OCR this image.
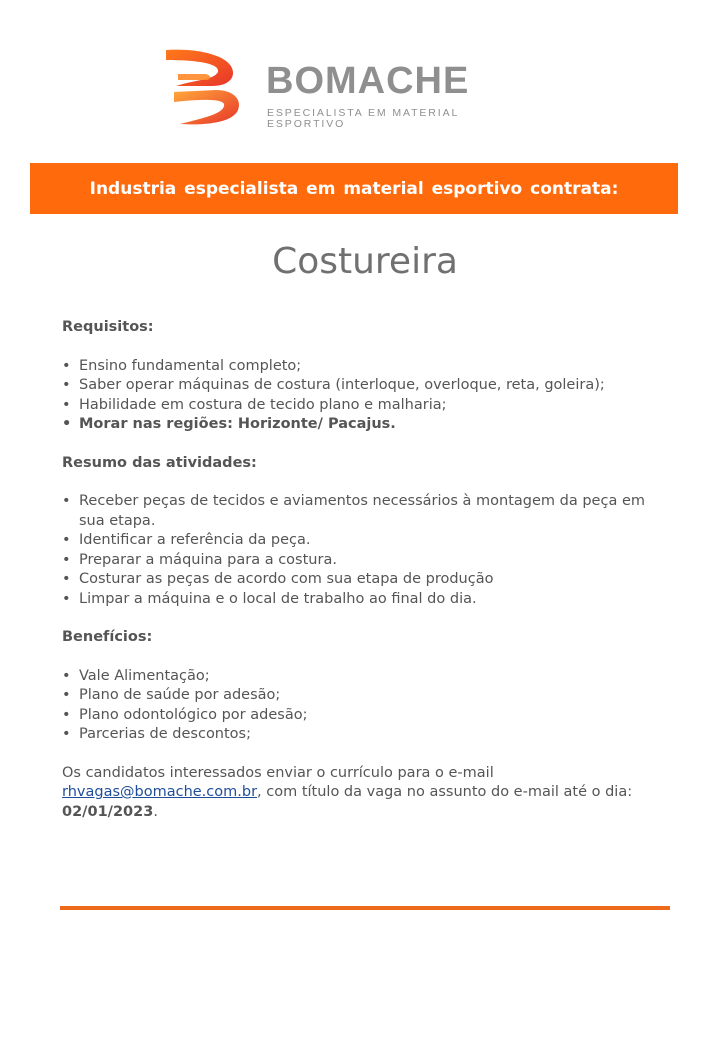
BOMACHE
ESPECIALISTA EM MATERIAL ESPORTIVO
Industria especialista em material esportivo contrata:
Costureira

Requisitos:

• Ensino fundamental completo;
• Saber operar máquinas de costura (interloque, overloque, reta, goleira);
• Habilidade em costura de tecido plano e malharia;
• Morar nas regiões: Horizonte/ Pacajus.

Resumo das atividades:

• Receber peças de tecidos e aviamentos necessários à montagem da peça em sua etapa.
• Identificar a referência da peça.
• Preparar a máquina para a costura.
• Costurar as peças de acordo com sua etapa de produção
• Limpar a máquina e o local de trabalho ao final do dia.

Benefícios:

• Vale Alimentação;
• Plano de saúde por adesão;
• Plano odontológico por adesão;
• Parcerias de descontos;

Os candidatos interessados enviar o currículo para o e-mail rhvagas@bomache.com.br, com título da vaga no assunto do e-mail até o dia: 02/01/2023.
